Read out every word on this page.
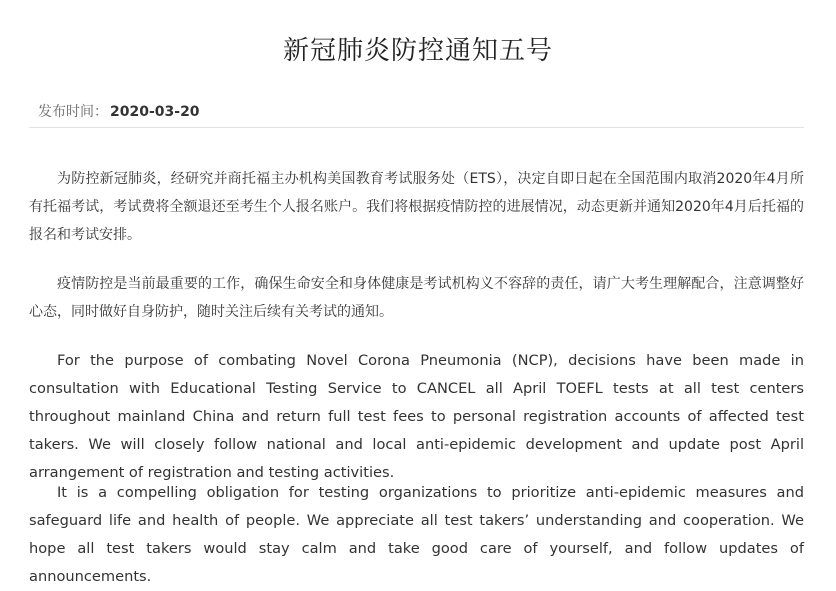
新冠肺炎防控通知五号
发布时间： 2020-03-20

为防控新冠肺炎，经研究并商托福主办机构美国教育考试服务处（ETS），决定自即日起在全国范围内取消2020年4月所有托福考试，考试费将全额退还至考生个人报名账户。我们将根据疫情防控的进展情况，动态更新并通知2020年4月后托福的报名和考试安排。

疫情防控是当前最重要的工作，确保生命安全和身体健康是考试机构义不容辞的责任，请广大考生理解配合，注意调整好心态，同时做好自身防护，随时关注后续有关考试的通知。

For the purpose of combating Novel Corona Pneumonia (NCP), decisions have been made in consultation with Educational Testing Service to CANCEL all April TOEFL tests at all test centers throughout mainland China and return full test fees to personal registration accounts of affected test takers. We will closely follow national and local anti-epidemic development and update post April arrangement of registration and testing activities.

It is a compelling obligation for testing organizations to prioritize anti-epidemic measures and safeguard life and health of people. We appreciate all test takers’ understanding and cooperation. We hope all test takers would stay calm and take good care of yourself, and follow updates of announcements.
